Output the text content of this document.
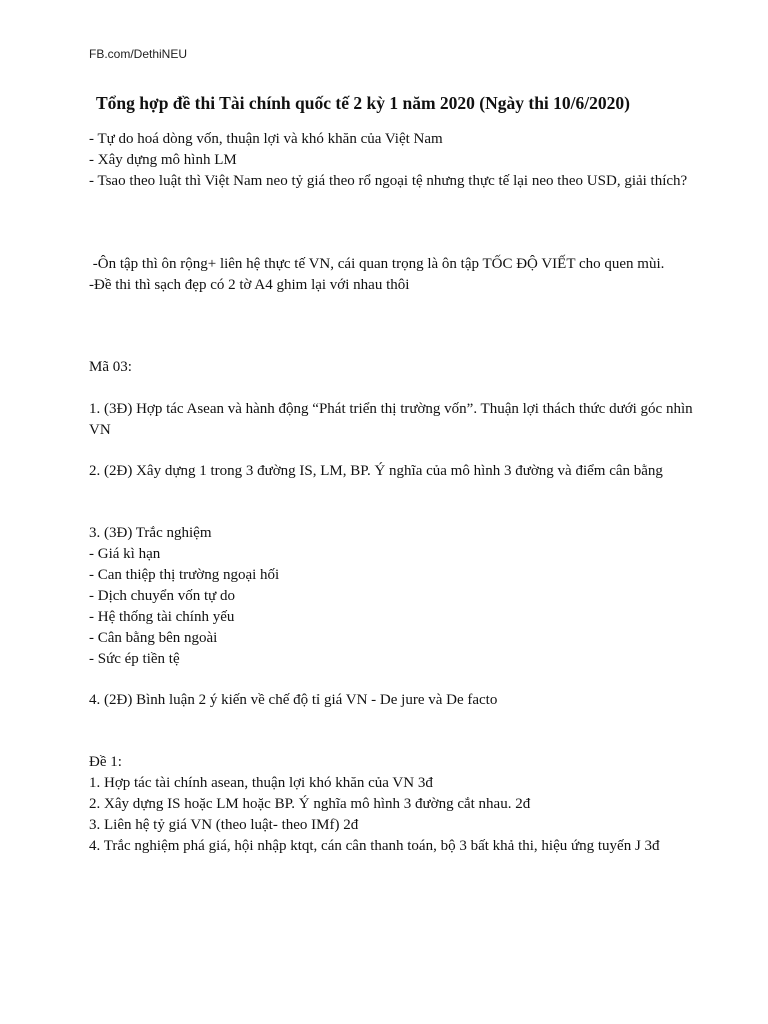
FB.com/DethiNEU
Tổng hợp đề thi Tài chính quốc tế 2 kỳ 1 năm 2020 (Ngày thi 10/6/2020)
- Tự do hoá dòng vốn, thuận lợi và khó khăn của Việt Nam
- Xây dựng mô hình LM
- Tsao theo luật thì Việt Nam neo tỷ giá theo rổ ngoại tệ nhưng thực tế lại neo theo USD, giải thích?
-Ôn tập thì ôn rộng+ liên hệ thực tế VN, cái quan trọng là ôn tập TỐC ĐỘ VIẾT cho quen mùi.
-Đề thi thì sạch đẹp có 2 tờ A4 ghim lại với nhau thôi
Mã 03:
1. (3Đ) Hợp tác Asean và hành động “Phát triển thị trường vốn”. Thuận lợi thách thức dưới góc nhìn VN
2. (2Đ) Xây dựng 1 trong 3 đường IS, LM, BP. Ý nghĩa của mô hình 3 đường và điểm cân bằng
3. (3Đ) Trắc nghiệm
- Giá kì hạn
- Can thiệp thị trường ngoại hối
- Dịch chuyển vốn tự do
- Hệ thống tài chính yếu
- Cân bằng bên ngoài
- Sức ép tiền tệ
4. (2Đ) Bình luận 2 ý kiến về chế độ tỉ giá VN - De jure và De facto
Đề 1:
1. Hợp tác tài chính asean, thuận lợi khó khăn của VN 3đ
2. Xây dựng IS hoặc LM hoặc BP. Ý nghĩa mô hình 3 đường cắt nhau. 2đ
3. Liên hệ tỷ giá VN (theo luật- theo IMf) 2đ
4. Trắc nghiệm phá giá, hội nhập ktqt, cán cân thanh toán, bộ 3 bất khả thi, hiệu ứng tuyến J 3đ
